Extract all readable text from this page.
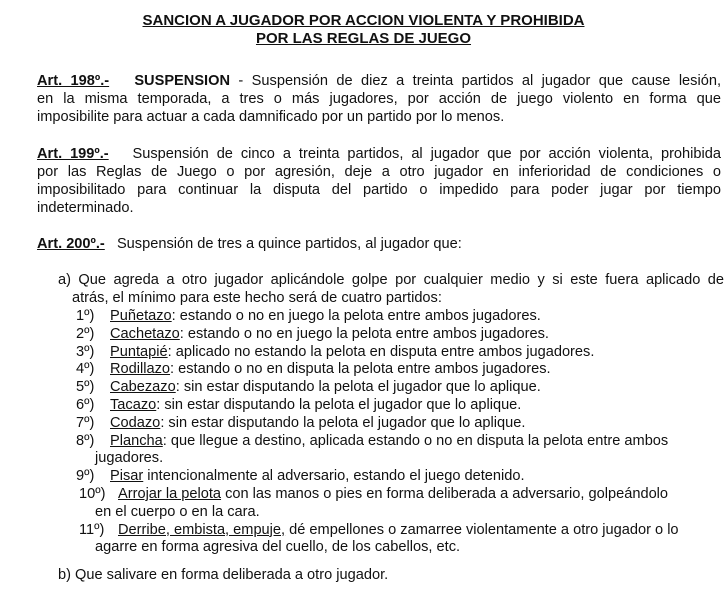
SANCION A JUGADOR POR ACCION VIOLENTA Y PROHIBIDA
POR LAS REGLAS DE JUEGO
Art. 198º.- SUSPENSION - Suspensión de diez a treinta partidos al jugador que cause lesión,
en la misma temporada, a tres o más jugadores, por acción de juego violento en forma que
imposibilite para actuar a cada damnificado por un partido por lo menos.
Art. 199º.- Suspensión de cinco a treinta partidos, al jugador que por acción violenta, prohibida
por las Reglas de Juego o por agresión, deje a otro jugador en inferioridad de condiciones o
imposibilitado para continuar la disputa del partido o impedido para poder jugar por tiempo
indeterminado.
Art. 200º.- Suspensión de tres a quince partidos, al jugador que:
a) Que agreda a otro jugador aplicándole golpe por cualquier medio y si este fuera aplicado de
atrás, el mínimo para este hecho será de cuatro partidos:
1º) Puñetazo: estando o no en juego la pelota entre ambos jugadores.
2º) Cachetazo: estando o no en juego la pelota entre ambos jugadores.
3º) Puntapié: aplicado no estando la pelota en disputa entre ambos jugadores.
4º) Rodillazo: estando o no en disputa la pelota entre ambos jugadores.
5º) Cabezazo: sin estar disputando la pelota el jugador que lo aplique.
6º) Tacazo: sin estar disputando la pelota el jugador que lo aplique.
7º) Codazo: sin estar disputando la pelota el jugador que lo aplique.
8º) Plancha: que llegue a destino, aplicada estando o no en disputa la pelota entre ambos
jugadores.
9º) Pisar intencionalmente al adversario, estando el juego detenido.
10º) Arrojar la pelota con las manos o pies en forma deliberada a adversario, golpeándolo
en el cuerpo o en la cara.
11º) Derribe, embista, empuje, dé empellones o zamarree violentamente a otro jugador o lo
agarre en forma agresiva del cuello, de los cabellos, etc.
b) Que salivare en forma deliberada a otro jugador.
